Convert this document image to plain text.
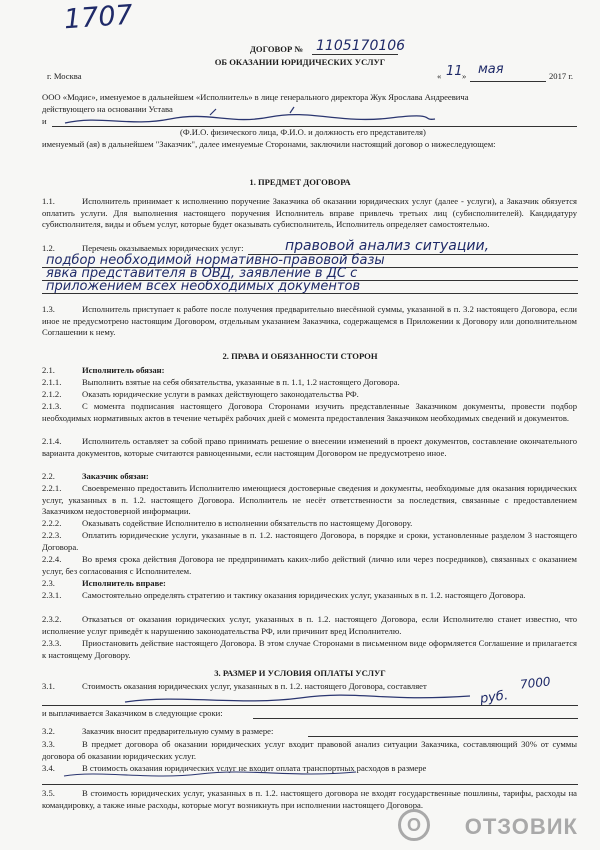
1707
ДОГОВОР № 1105170106
ОБ ОКАЗАНИИ ЮРИДИЧЕСКИХ УСЛУГ
г. Москва	« 11 » мая	2017 г.
ООО «Модис», именуемое в дальнейшем «Исполнитель» в лице генерального директора Жук Ярослава Андреевича
действующего на основании Устава
и
(Ф.И.О. физического лица, Ф.И.О. и должность его представителя)
именуемый (ая) в дальнейшем "Заказчик", далее именуемые Сторонами, заключили настоящий договор о нижеследующем:
1. ПРЕДМЕТ ДОГОВОРА
1.1.	Исполнитель принимает к исполнению поручение Заказчика об оказании юридических услуг (далее - услуги), а Заказчик обязуется оплатить услуги. Для выполнения настоящего поручения Исполнитель вправе привлечь третьих лиц (субисполнителей). Кандидатуру субисполнителя, виды и объем услуг, которые будет оказывать субисполнитель, Исполнитель определяет самостоятельно.
1.2.	Перечень оказываемых юридических услуг:	правовой анализ ситуации,
подбор необходимой нормативно-правовой базы
явка представителя в ОВД, заявление в ДС с
приложением всех необходимых документов
1.3.	Исполнитель приступает к работе после получения предварительно внесённой суммы, указанной в п. 3.2 настоящего Договора, если иное не предусмотрено настоящим Договором, отдельным указанием Заказчика, содержащемся в Приложении к Договору или дополнительном Соглашении к нему.
2. ПРАВА И ОБЯЗАННОСТИ СТОРОН
2.1.	Исполнитель обязан:
2.1.1. Выполнить взятые на себя обязательства, указанные в п. 1.1, 1.2 настоящего Договора.
2.1.2. Оказать юридические услуги в рамках действующего законодательства РФ.
2.1.3.	С момента подписания настоящего Договора Сторонами изучить представленные Заказчиком документы, провести подбор необходимых нормативных актов в течение четырёх рабочих дней с момента предоставления Заказчиком необходимых сведений и документов.
2.1.4.	Исполнитель оставляет за собой право принимать решение о внесении изменений в проект документов, составление окончательного варианта документов, которые считаются равноценными, если настоящим Договором не предусмотрено иное.
2.2.	Заказчик обязан:
2.2.1.	Своевременно предоставить Исполнителю имеющиеся достоверные сведения и документы, необходимые для оказания юридических услуг, указанных в п. 1.2. настоящего Договора. Исполнитель не несёт ответственности за последствия, связанные с предоставлением Заказчиком недостоверной информации.
2.2.2. Оказывать содействие Исполнителю в исполнении обязательств по настоящему Договору.
2.2.3.	Оплатить юридические услуги, указанные в п. 1.2. настоящего Договора, в порядке и сроки, установленные разделом 3 настоящего Договора.
2.2.4.	Во время срока действия Договора не предпринимать каких-либо действий (лично или через посредников), связанных с оказанием услуг, без согласования с Исполнителем.
2.3.	Исполнитель вправе:
2.3.1.	Самостоятельно определять стратегию и тактику оказания юридических услуг, указанных в п. 1.2. настоящего Договора.
2.3.2.	Отказаться от оказания юридических услуг, указанных в п. 1.2. настоящего Договора, если Исполнителю станет известно, что исполнение услуг приведёт к нарушению законодательства РФ, или причинит вред Исполнителю.
2.3.3.	Приостановить действие настоящего Договора. В этом случае Сторонами в письменном виде оформляется Соглашение и прилагается к настоящему Договору.
3. РАЗМЕР И УСЛОВИЯ ОПЛАТЫ УСЛУГ
3.1.	Стоимость оказания юридических услуг, указанных в п. 1.2. настоящего Договора, составляет	7000
руб.
и выплачивается Заказчиком в следующие сроки:
3.2.	Заказчик вносит предварительную сумму в размере:
3.3.	В предмет договора об оказании юридических услуг входит правовой анализ ситуации Заказчика, составляющий 30% от суммы договора об оказании юридических услуг.
3.4.	В стоимость оказания юридических услуг не входит оплата транспортных расходов в размере
3.5.	В стоимость юридических услуг, указанных в п. 1.2. настоящего договора не входят государственные пошлины, тарифы, расходы на командировку, а также иные расходы, которые могут возникнуть при исполнении настоящего Договора.
О	ОТЗОВИК
